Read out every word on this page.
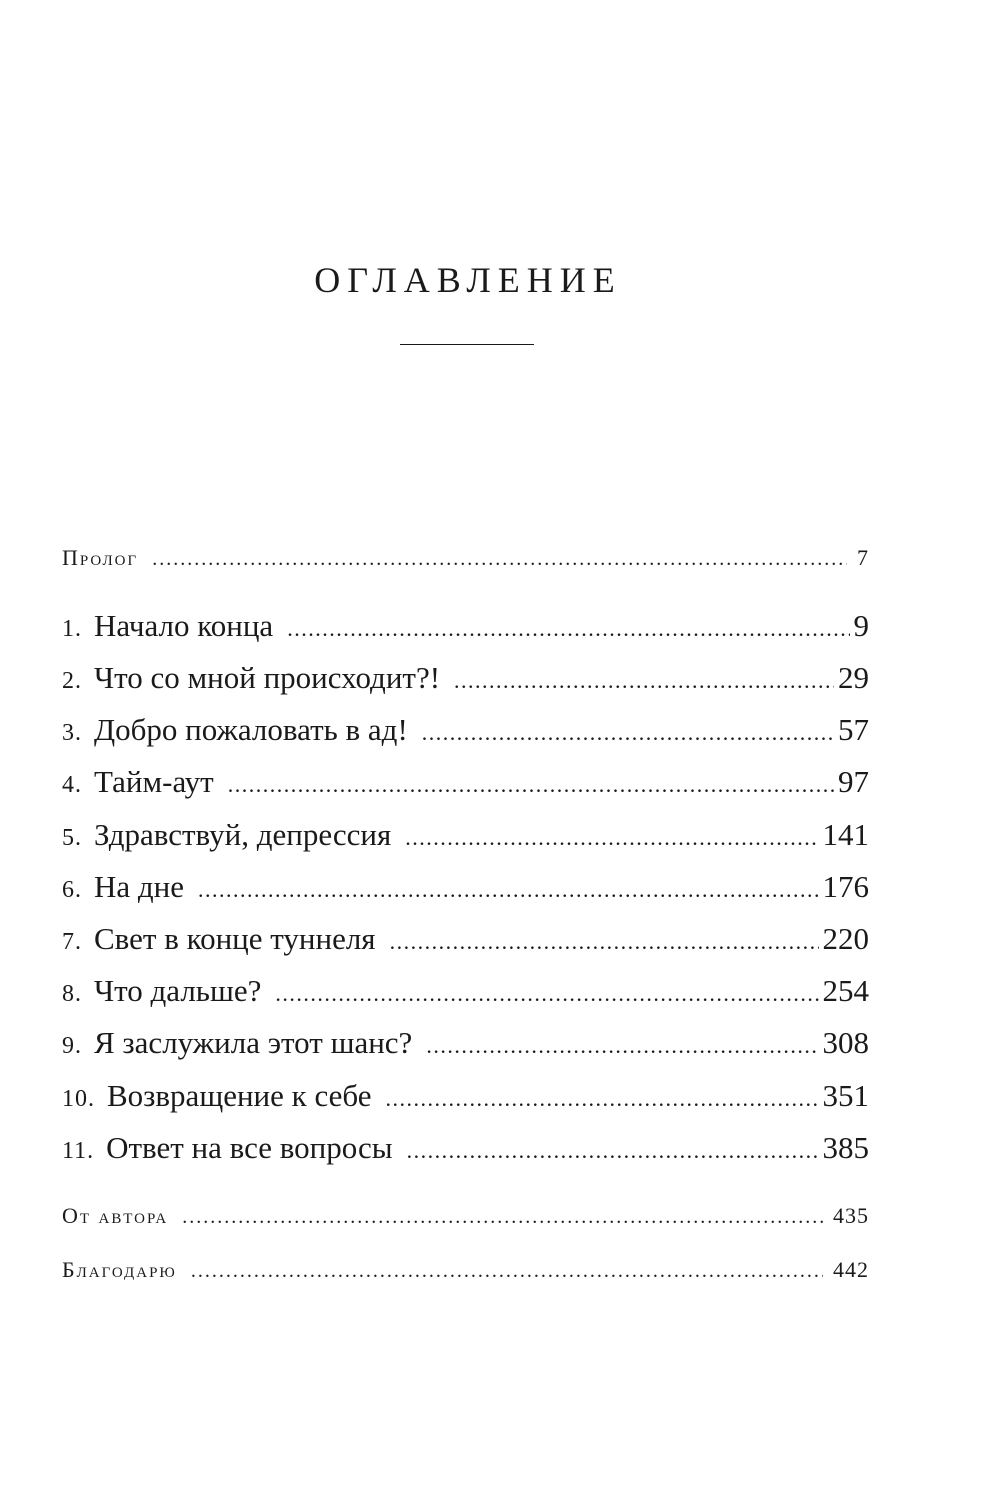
ОГЛАВЛЕНИЕ
Пролог .....	7
1. Начало конца .....	9
2. Что со мной происходит?! .....	29
3. Добро пожаловать в ад! .....	57
4. Тайм-аут .....	97
5. Здравствуй, депрессия .....	141
6. На дне .....	176
7. Свет в конце туннеля .....	220
8. Что дальше? .....	254
9. Я заслужила этот шанс? .....	308
10. Возвращение к себе .....	351
11. Ответ на все вопросы .....	385
От автора .....	435
Благодарю .....	442
